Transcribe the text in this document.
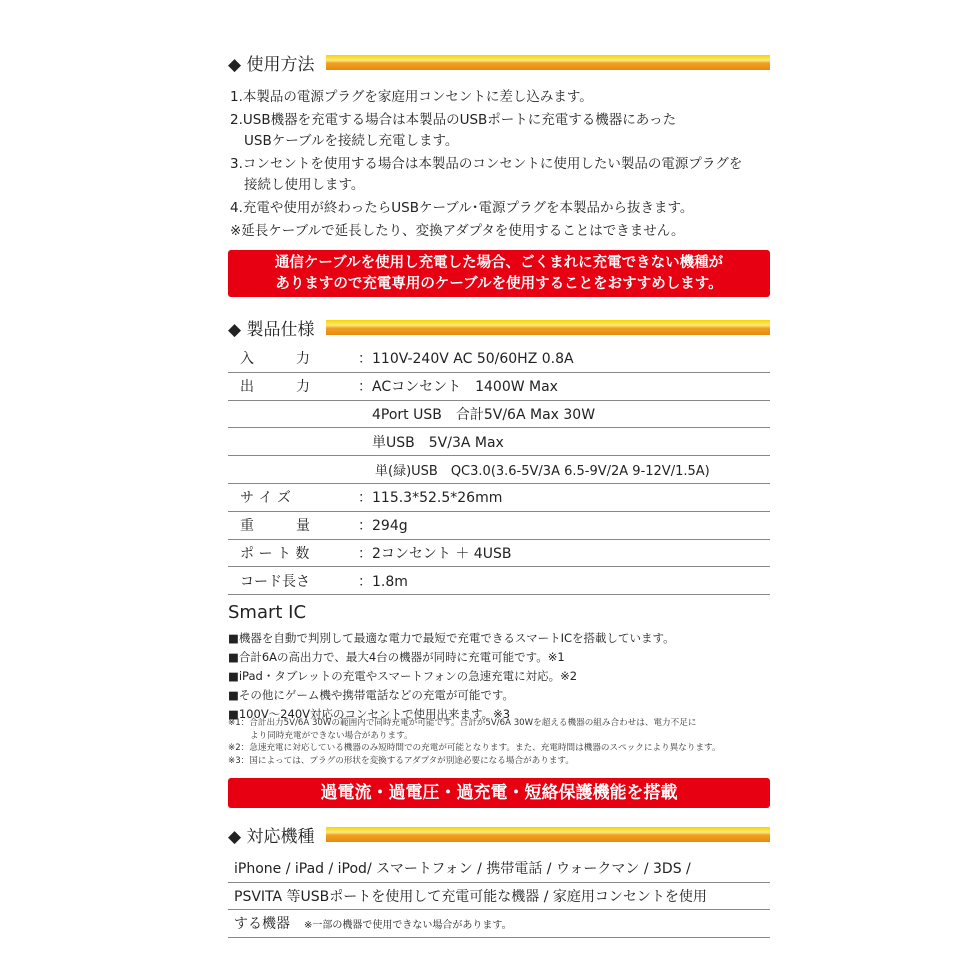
◆ 使用方法
1.本製品の電源プラグを家庭用コンセントに差し込みます。
2.USB機器を充電する場合は本製品のUSBポートに充電する機器にあった
USBケーブルを接続し充電します。
3.コンセントを使用する場合は本製品のコンセントに使用したい製品の電源プラグを
接続し使用します。
4.充電や使用が終わったらUSBケーブル･電源プラグを本製品から抜きます。
※延長ケーブルで延長したり、変換アダプタを使用することはできません。
通信ケーブルを使用し充電した場合、ごくまれに充電できない機種が
ありますので充電専用のケーブルを使用することをおすすめします。
◆ 製品仕様
入　　　力	：110V-240V AC 50/60HZ 0.8A
出　　　力	：ACコンセント　1400W Max
　4Port USB　合計5V/6A Max 30W
　単USB　5V/3A Max
　単(緑)USB　QC3.0(3.6-5V/3A 6.5-9V/2A 9-12V/1.5A)
サ イ ズ	：115.3*52.5*26mm
重　　　量	：294g
ポ ー ト 数	：2コンセント ＋ 4USB
コード長さ	：1.8m
Smart IC
■機器を自動で判別して最適な電力で最短で充電できるスマートICを搭載しています。
■合計6Aの高出力で、最大4台の機器が同時に充電可能です。※1
■iPad・タブレットの充電やスマートフォンの急速充電に対応。※2
■その他にゲーム機や携帯電話などの充電が可能です。
■100V～240V対応のコンセントで使用出来ます。※3
※1：合計出力5V/6A 30Wの範囲内で同時充電が可能です。合計が5V/6A 30Wを超える機器の組み合わせは、電力不足に
より同時充電ができない場合があります。
※2：急速充電に対応している機器のみ短時間での充電が可能となります。また、充電時間は機器のスペックにより異なります。
※3：国によっては、プラグの形状を変換するアダプタが別途必要になる場合があります。
過電流・過電圧・過充電・短絡保護機能を搭載
◆ 対応機種
iPhone / iPad / iPod/ スマートフォン / 携帯電話 / ウォークマン / 3DS /
PSVITA 等USBポートを使用して充電可能な機器 / 家庭用コンセントを使用
する機器 ※一部の機器で使用できない場合があります。
